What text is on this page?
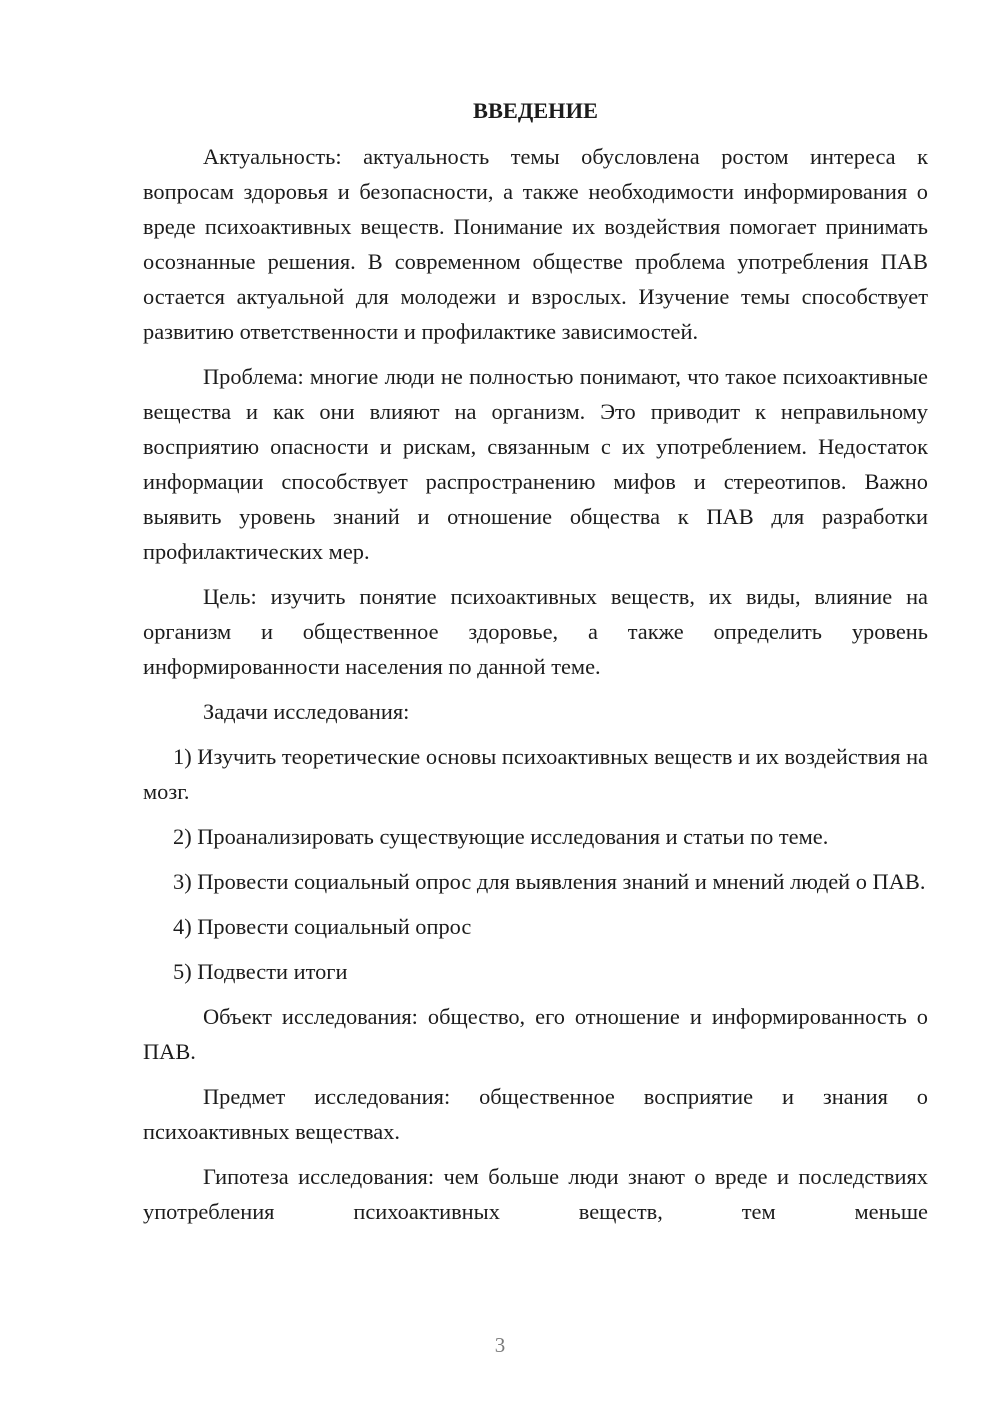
ВВЕДЕНИЕ

Актуальность: актуальность темы обусловлена ростом интереса к вопросам здоровья и безопасности, а также необходимости информирования о вреде психоактивных веществ. Понимание их воздействия помогает принимать осознанные решения. В современном обществе проблема употребления ПАВ остается актуальной для молодежи и взрослых. Изучение темы способствует развитию ответственности и профилактике зависимостей.

Проблема: многие люди не полностью понимают, что такое психоактивные вещества и как они влияют на организм. Это приводит к неправильному восприятию опасности и рискам, связанным с их употреблением. Недостаток информации способствует распространению мифов и стереотипов. Важно выявить уровень знаний и отношение общества к ПАВ для разработки профилактических мер.

Цель: изучить понятие психоактивных веществ, их виды, влияние на организм и общественное здоровье, а также определить уровень информированности населения по данной теме.

Задачи исследования:

1) Изучить теоретические основы психоактивных веществ и их воздействия на мозг.

2) Проанализировать существующие исследования и статьи по теме.

3) Провести социальный опрос для выявления знаний и мнений людей о ПАВ.

4) Провести социальный опрос

5) Подвести итоги

Объект исследования: общество, его отношение и информированность о ПАВ.

Предмет исследования: общественное восприятие и знания о психоактивных веществах.

Гипотеза исследования: чем больше люди знают о вреде и последствиях употребления психоактивных веществ, тем меньше

3
